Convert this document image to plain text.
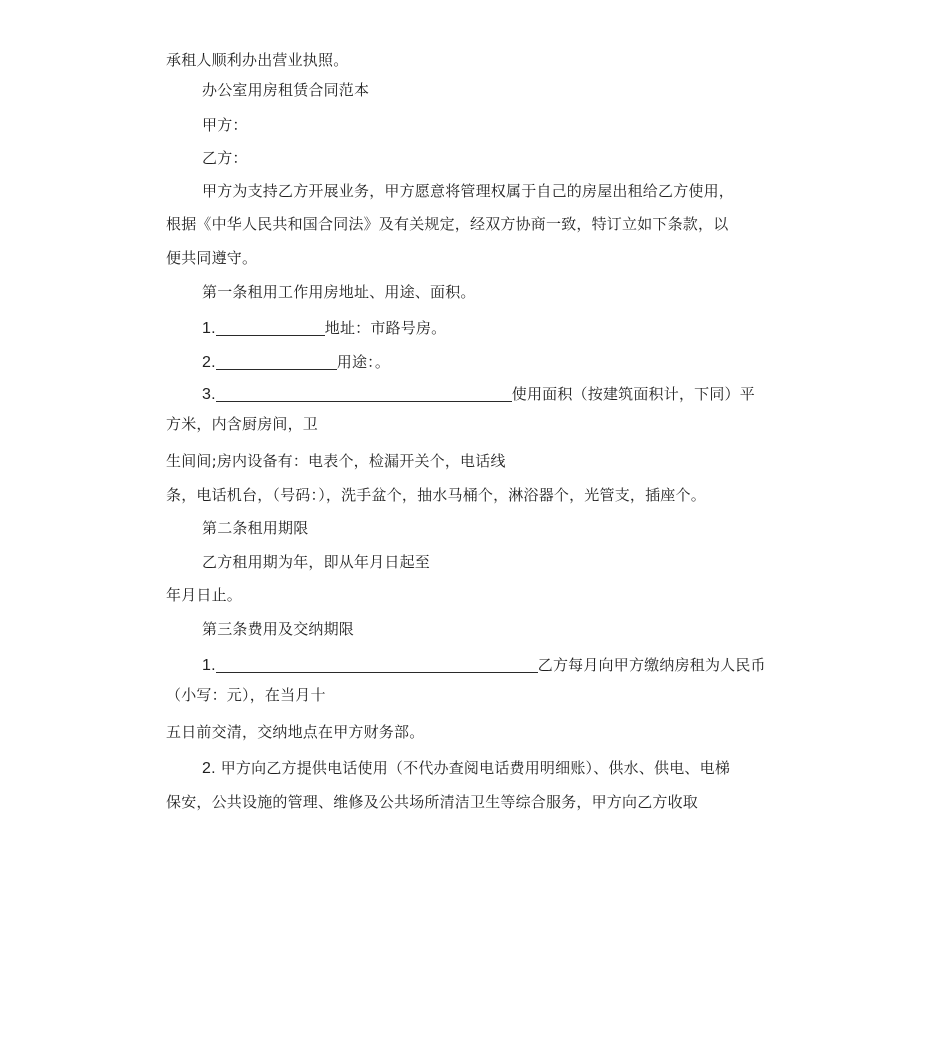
承租人顺利办出营业执照。
办公室用房租赁合同范本
甲方：
乙方：
甲方为支持乙方开展业务，甲方愿意将管理权属于自己的房屋出租给乙方使用，
根据《中华人民共和国合同法》及有关规定，经双方协商一致，特订立如下条款，以
便共同遵守。
第一条租用工作用房地址、用途、面积。
1.	地址：市路号房。
2.	用途：。
3.	使用面积（按建筑面积计，下同）平
方米，内含厨房间，卫
生间间;房内设备有：电表个，检漏开关个，电话线
条，电话机台，（号码：），洗手盆个，抽水马桶个，淋浴器个，光管支，插座个。
第二条租用期限
乙方租用期为年，即从年月日起至
年月日止。
第三条费用及交纳期限
1.	乙方每月向甲方缴纳房租为人民币
（小写：元），在当月十
五日前交清，交纳地点在甲方财务部。
2. 甲方向乙方提供电话使用（不代办查阅电话费用明细账）、供水、供电、电梯
保安，公共设施的管理、维修及公共场所清洁卫生等综合服务，甲方向乙方收取
